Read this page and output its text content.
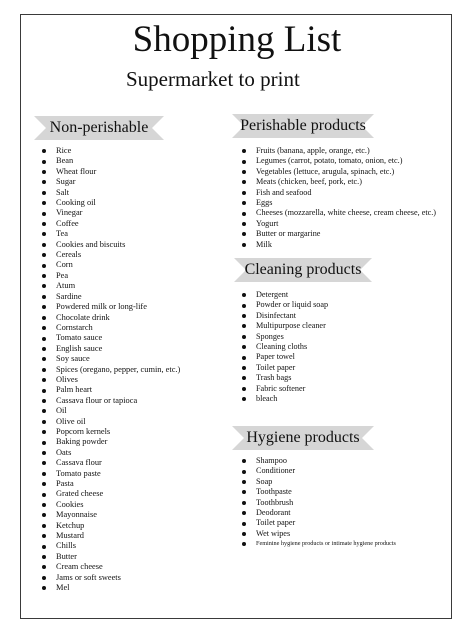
Shopping List
Supermarket to print
Non-perishable
Rice
Bean
Wheat flour
Sugar
Salt
Cooking oil
Vinegar
Coffee
Tea
Cookies and biscuits
Cereals
Corn
Pea
Atum
Sardine
Powdered milk or long-life
Chocolate drink
Cornstarch
Tomato sauce
English sauce
Soy sauce
Spices (oregano, pepper, cumin, etc.)
Olives
Palm heart
Cassava flour or tapioca
Oil
Olive oil
Popcorn kernels
Baking powder
Oats
Cassava flour
Tomato paste
Pasta
Grated cheese
Cookies
Mayonnaise
Ketchup
Mustard
Chills
Butter
Cream cheese
Jams or soft sweets
Mel
Perishable products
Fruits (banana, apple, orange, etc.)
Legumes (carrot, potato, tomato, onion, etc.)
Vegetables (lettuce, arugula, spinach, etc.)
Meats (chicken, beef, pork, etc.)
Fish and seafood
Eggs
Cheeses (mozzarella, white cheese, cream cheese, etc.)
Yogurt
Butter or margarine
Milk
Cleaning products
Detergent
Powder or liquid soap
Disinfectant
Multipurpose cleaner
Sponges
Cleaning cloths
Paper towel
Toilet paper
Trash bags
Fabric softener
bleach
Hygiene products
Shampoo
Conditioner
Soap
Toothpaste
Toothbrush
Deodorant
Toilet paper
Wet wipes
Feminine hygiene products or intimate hygiene products
